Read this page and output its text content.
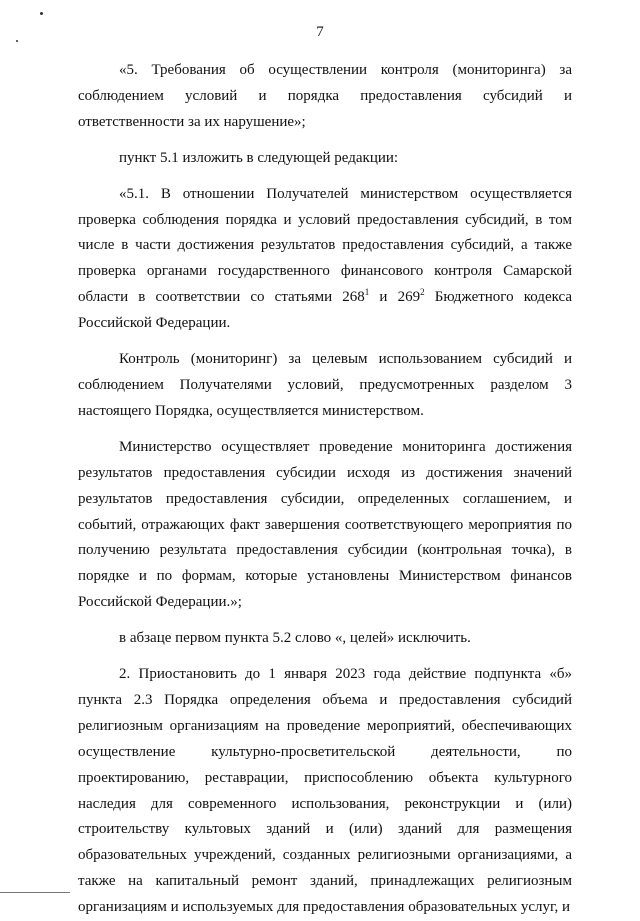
7

«5. Требования об осуществлении контроля (мониторинга) за соблюдением условий и порядка предоставления субсидий и ответственности за их нарушение»;

пункт 5.1 изложить в следующей редакции:

«5.1. В отношении Получателей министерством осуществляется проверка соблюдения порядка и условий предоставления субсидий, в том числе в части достижения результатов предоставления субсидий, а также проверка органами государственного финансового контроля Самарской области в соответствии со статьями $268^1$ и $269^2$ Бюджетного кодекса Российской Федерации.

Контроль (мониторинг) за целевым использованием субсидий и соблюдением Получателями условий, предусмотренных разделом 3 настоящего Порядка, осуществляется министерством.

Министерство осуществляет проведение мониторинга достижения результатов предоставления субсидии исходя из достижения значений результатов предоставления субсидии, определенных соглашением, и событий, отражающих факт завершения соответствующего мероприятия по получению результата предоставления субсидии (контрольная точка), в порядке и по формам, которые установлены Министерством финансов Российской Федерации.»;

в абзаце первом пункта 5.2 слово «, целей» исключить.

2. Приостановить до 1 января 2023 года действие подпункта «б» пункта 2.3 Порядка определения объема и предоставления субсидий религиозным организациям на проведение мероприятий, обеспечивающих осуществление культурно-просветительской деятельности, по проектированию, реставрации, приспособлению объекта культурного наследия для современного использования, реконструкции и (или) строительству культовых зданий и (или) зданий для размещения образовательных учреждений, созданных религиозными организациями, а также на капитальный ремонт зданий, принадлежащих религиозным организациям и используемых для предоставления образовательных услуг, и
